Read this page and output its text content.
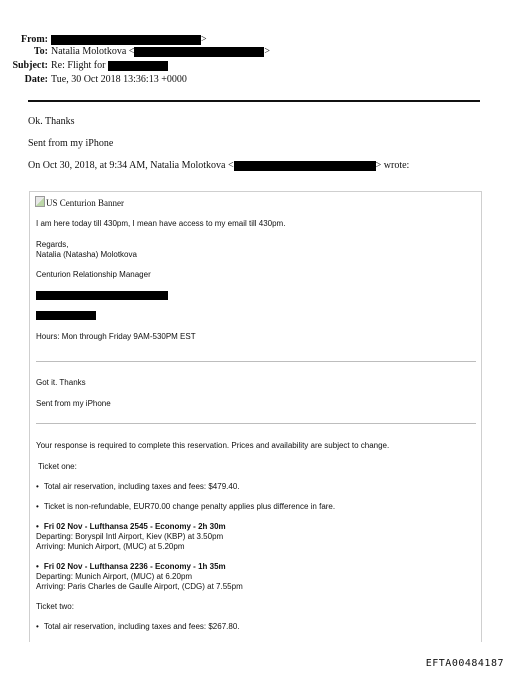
From:	>
To: Natalia Molotkova <	>
Subject: Re: Flight for
Date: Tue, 30 Oct 2018 13:36:13 +0000
Ok. Thanks
Sent from my iPhone
On Oct 30, 2018, at 9:34 AM, Natalia Molotkova <	> wrote:
US Centurion Banner
I am here today till 430pm, I mean have access to my email till 430pm.
Regards,
Natalia (Natasha) Molotkova
Centurion Relationship Manager
Hours: Mon through Friday 9AM-530PM EST
Got it. Thanks
Sent from my iPhone
Your response is required to complete this reservation. Prices and availability are subject to change.
Ticket one:
• Total air reservation, including taxes and fees: $479.40.
• Ticket is non-refundable, EUR70.00 change penalty applies plus difference in fare.
• Fri 02 Nov - Lufthansa 2545 - Economy - 2h 30m
Departing: Boryspil Intl Airport, Kiev (KBP) at 3.50pm
Arriving: Munich Airport, (MUC) at 5.20pm
• Fri 02 Nov - Lufthansa 2236 - Economy - 1h 35m
Departing: Munich Airport, (MUC) at 6.20pm
Arriving: Paris Charles de Gaulle Airport, (CDG) at 7.55pm
Ticket two:
• Total air reservation, including taxes and fees: $267.80.
EFTA00484187
